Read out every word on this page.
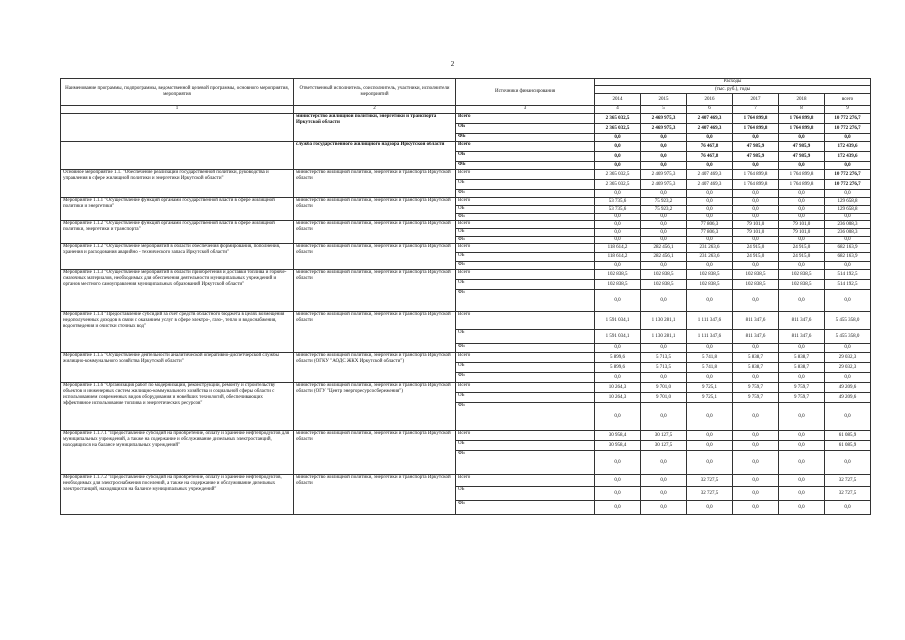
2
Наименование программы, подпрограммы, ведомственной целевой программы, основного мероприятия, мероприятия	Ответственный исполнитель, соисполнитель, участники, исполнители мероприятий	Источники финансирования	Расходы					
			(тыс. руб.), годы					
			2014	2015	2016	2017	2018	всего
1	2	3	4	5	6	7	8	9
	министерство жилищной политики, энергетики и транспорта Иркутской области	Всего	2 365 032,5	2 469 975,3	2 407 469,3	1 764 899,8	1 764 899,8	10 772 276,7
		ОБ	2 365 032,5	2 469 975,3	2 407 469,3	1 764 899,8	1 764 899,8	10 772 276,7
		ФБ	0,0	0,0	0,0	0,0	0,0	0,0
	служба государственного жилищного надзора Иркутской области	Всего	0,0	0,0	76 467,8	47 985,9	47 985,9	172 439,6
		ОБ	0,0	0,0	76 467,8	47 985,9	47 985,9	172 439,6
		ФБ	0,0	0,0	0,0	0,0	0,0	0,0
Основное мероприятие 1.1. "Обеспечение реализации государственной политики, руководства и управления в сфере жилищной политики и энергетики Иркутской области"	министерство жилищной политики, энергетики и транспорта Иркутской области	Всего	2 365 032,5	2 469 975,3	2 407 469,3	1 764 899,8	1 764 899,8	10 772 276,7
		ОБ	2 365 032,5	2 469 975,3	2 407 469,3	1 764 899,8	1 764 899,8	10 772 276,7
		ФБ	0,0	0,0	0,0	0,0	0,0	0,0
Мероприятие 1.1.1 "Осуществление функций органами государственной власти в сфере жилищной политики и энергетики"	министерство жилищной политики, энергетики и транспорта Иркутской области	Всего	53 735,6	75 923,2	0,0	0,0	0,0	129 658,8
		ОБ	53 735,6	75 923,2	0,0	0,0	0,0	129 658,8
		ФБ	0,0	0,0	0,0	0,0	0,0	0,0
Мероприятие 1.1.2 "Осуществление функций органами государственной власти в сфере жилищной политики, энергетики и транспорта"	министерство жилищной политики, энергетики и транспорта Иркутской области	Всего	0,0	0,0	77 806,3	79 101,0	79 101,0	236 008,3
		ОБ	0,0	0,0	77 806,3	79 101,0	79 101,0	236 008,3
		ФБ	0,0	0,0	0,0	0,0	0,0	0,0
Мероприятие 1.1.2 "Осуществление мероприятий в области обеспечения формирования, пополнения, хранения и расходования аварийно - технического запаса Иркутской области"	министерство жилищной политики, энергетики и транспорта Иркутской области	Всего	118 614,2	282 456,1	231 263,6	24 915,0	24 915,0	682 163,9
		ОБ	118 614,2	282 456,1	231 263,6	24 915,0	24 915,0	682 163,9
		ФБ	0,0	0,0	0,0	0,0	0,0	0,0
Мероприятие 1.1.3 "Осуществление мероприятий в области приобретения и доставки топлива и горюче-смазочных материалов, необходимых для обеспечения деятельности муниципальных учреждений и органов местного самоуправления муниципальных образований Иркутской области"	министерство жилищной политики, энергетики и транспорта Иркутской области	Всего	102 838,5	102 838,5	102 838,5	102 838,5	102 838,5	514 192,5
		ОБ	102 838,5	102 838,5	102 838,5	102 838,5	102 838,5	514 192,5
		ФБ	0,0	0,0	0,0	0,0	0,0	0,0
Мероприятие 1.1.4 "Предоставление субсидий за счет средств областного бюджета в целях возмещения недополученных доходов в связи с оказанием услуг в сфере электро-, газо-, тепло и водоснабжения, водоотведения и очистки сточных вод"	министерство жилищной политики, энергетики и транспорта Иркутской области	Всего	1 591 034,1	1 130 281,1	1 111 347,6	811 347,6	811 347,6	5 455 358,0
		ОБ	1 591 034,1	1 130 281,1	1 111 347,6	811 347,6	811 347,6	5 455 358,0
		ФБ	0,0	0,0	0,0	0,0	0,0	0,0
Мероприятие 1.1.5 "Осуществление деятельности аналитической оперативно-диспетчерской службы жилищно-коммунального хозяйства Иркутской области"	министерство жилищной политики, энергетики и транспорта Иркутской области (ОГКУ "АОДС ЖКХ Иркутской области")	Всего	5 899,6	5 713,5	5 741,8	5 838,7	5 838,7	29 032,3
		ОБ	5 899,6	5 713,5	5 741,8	5 838,7	5 838,7	29 032,3
		ФБ	0,0	0,0	0,0	0,0	0,0	0,0
Мероприятие 1.1.6 "Организация работ по модернизации, реконструкции, ремонту и строительству объектов и инженерных систем жилищно-коммунального хозяйства и социальной сферы области с использованием современных видов оборудования и новейших технологий, обеспечивающих эффективное использование топлива и энергетических ресурсов"	министерство жилищной политики, энергетики и транспорта Иркутской области (ОГУ "Центр энергоресурсосбережения")	Всего	10 264,3	9 701,0	9 725,1	9 759,7	9 759,7	49 209,6
		ОБ	10 264,3	9 701,0	9 725,1	9 759,7	9 759,7	49 209,6
		ФБ	0,0	0,0	0,0	0,0	0,0	0,0
Мероприятие 1.1.7.1 "Предоставление субсидий на приобретение, оплату и хранение нефтепродуктов для муниципальных учреждений, а также на содержание и обслуживание дизельных электростанций, находящихся на балансе муниципальных учреждений"	министерство жилищной политики, энергетики и транспорта Иркутской области	Всего	30 958,4	30 127,5	0,0	0,0	0,0	61 085,9
		ОБ	30 958,4	30 127,5	0,0	0,0	0,0	61 085,9
		ФБ	0,0	0,0	0,0	0,0	0,0	0,0
Мероприятие 1.1.7.2 "Предоставление субсидий на приобретение, оплату и хранение нефтепродуктов, необходимых для электроснабжения поселений, а также на содержание и обслуживание дизельных электростанций, находящихся на балансе муниципальных учреждений"	министерство жилищной политики, энергетики и транспорта Иркутской области	Всего	0,0	0,0	32 727,5	0,0	0,0	32 727,5
		ОБ	0,0	0,0	32 727,5	0,0	0,0	32 727,5
		ФБ	0,0	0,0	0,0	0,0	0,0	0,0
